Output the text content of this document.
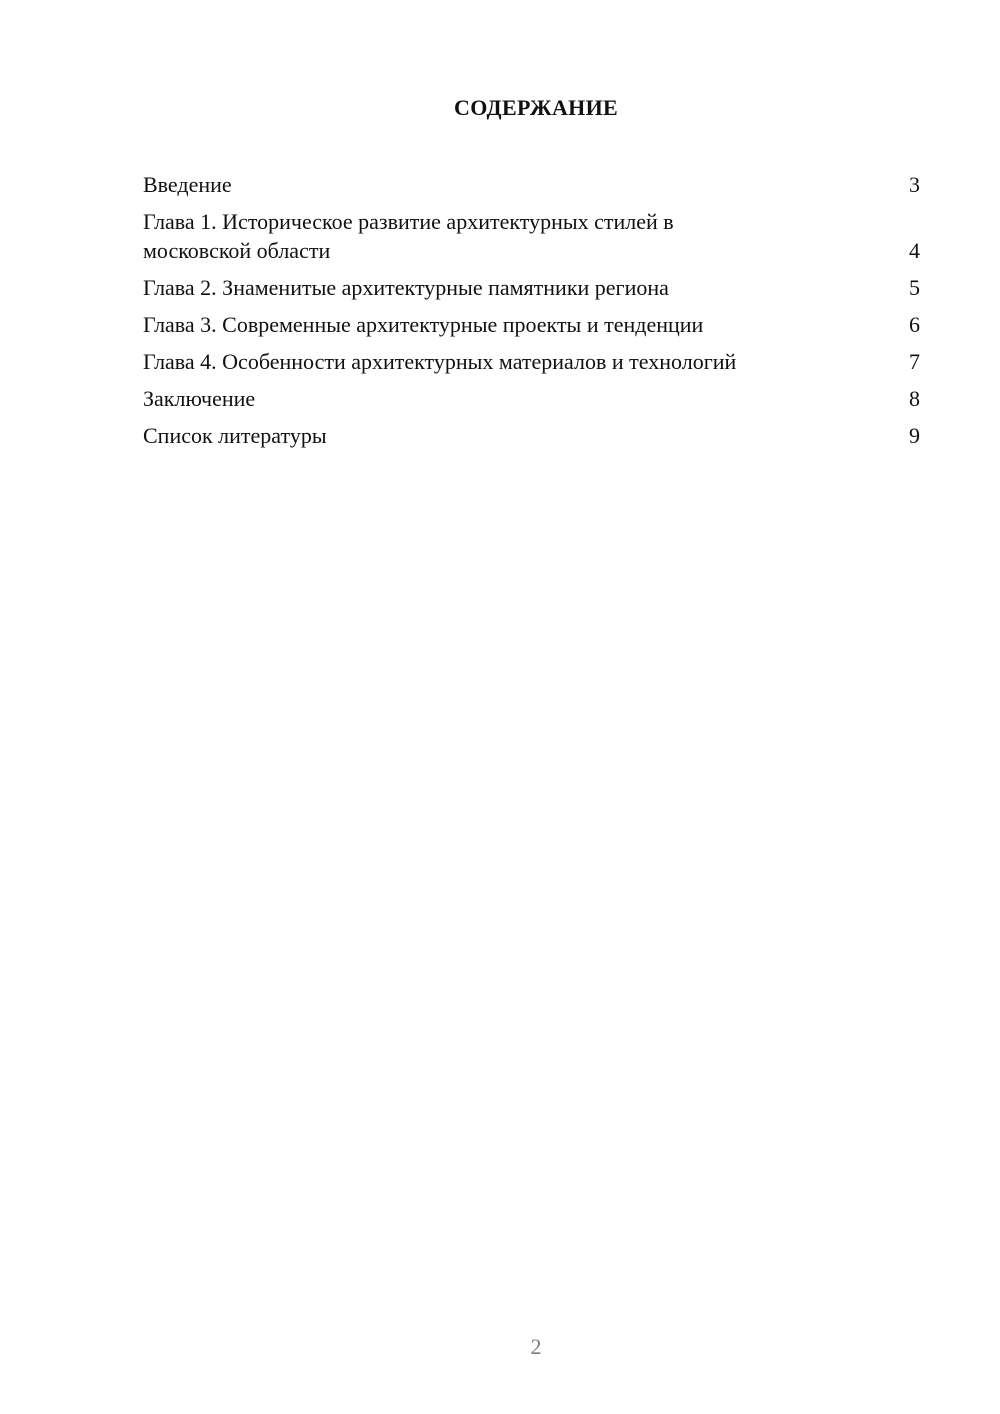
СОДЕРЖАНИЕ
Введение	3
Глава 1. Историческое развитие архитектурных стилей в московской области	4
Глава 2. Знаменитые архитектурные памятники региона	5
Глава 3. Современные архитектурные проекты и тенденции	6
Глава 4. Особенности архитектурных материалов и технологий	7
Заключение	8
Список литературы	9
2
